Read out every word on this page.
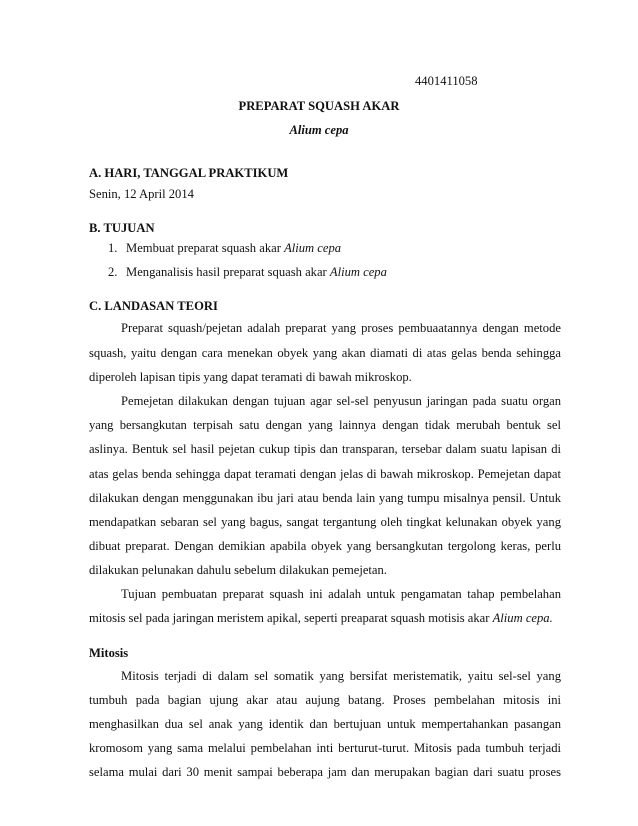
4401411058
PREPARAT SQUASH AKAR
Alium cepa
A. HARI, TANGGAL PRAKTIKUM
Senin, 12 April 2014
B. TUJUAN
1. Membuat preparat squash akar Alium cepa
2. Menganalisis hasil preparat squash akar Alium cepa
C. LANDASAN TEORI
Preparat squash/pejetan adalah preparat yang proses pembuaatannya dengan metode
squash, yaitu dengan cara menekan obyek yang akan diamati di atas gelas benda sehingga
diperoleh lapisan tipis yang dapat teramati di bawah mikroskop.
Pemejetan dilakukan dengan tujuan agar sel-sel penyusun jaringan pada suatu organ
yang bersangkutan terpisah satu dengan yang lainnya dengan tidak merubah bentuk sel
aslinya. Bentuk sel hasil pejetan cukup tipis dan transparan, tersebar dalam suatu lapisan di
atas gelas benda sehingga dapat teramati dengan jelas di bawah mikroskop. Pemejetan dapat
dilakukan dengan menggunakan ibu jari atau benda lain yang tumpu misalnya pensil. Untuk
mendapatkan sebaran sel yang bagus, sangat tergantung oleh tingkat kelunakan obyek yang
dibuat preparat. Dengan demikian apabila obyek yang bersangkutan tergolong keras, perlu
dilakukan pelunakan dahulu sebelum dilakukan pemejetan.
Tujuan pembuatan preparat squash ini adalah untuk pengamatan tahap pembelahan
mitosis sel pada jaringan meristem apikal, seperti preaparat squash motisis akar Alium cepa.
Mitosis
Mitosis terjadi di dalam sel somatik yang bersifat meristematik, yaitu sel-sel yang
tumbuh pada bagian ujung akar atau aujung batang. Proses pembelahan mitosis ini
menghasilkan dua sel anak yang identik dan bertujuan untuk mempertahankan pasangan
kromosom yang sama melalui pembelahan inti berturut-turut. Mitosis pada tumbuh terjadi
selama mulai dari 30 menit sampai beberapa jam dan merupakan bagian dari suatu proses
